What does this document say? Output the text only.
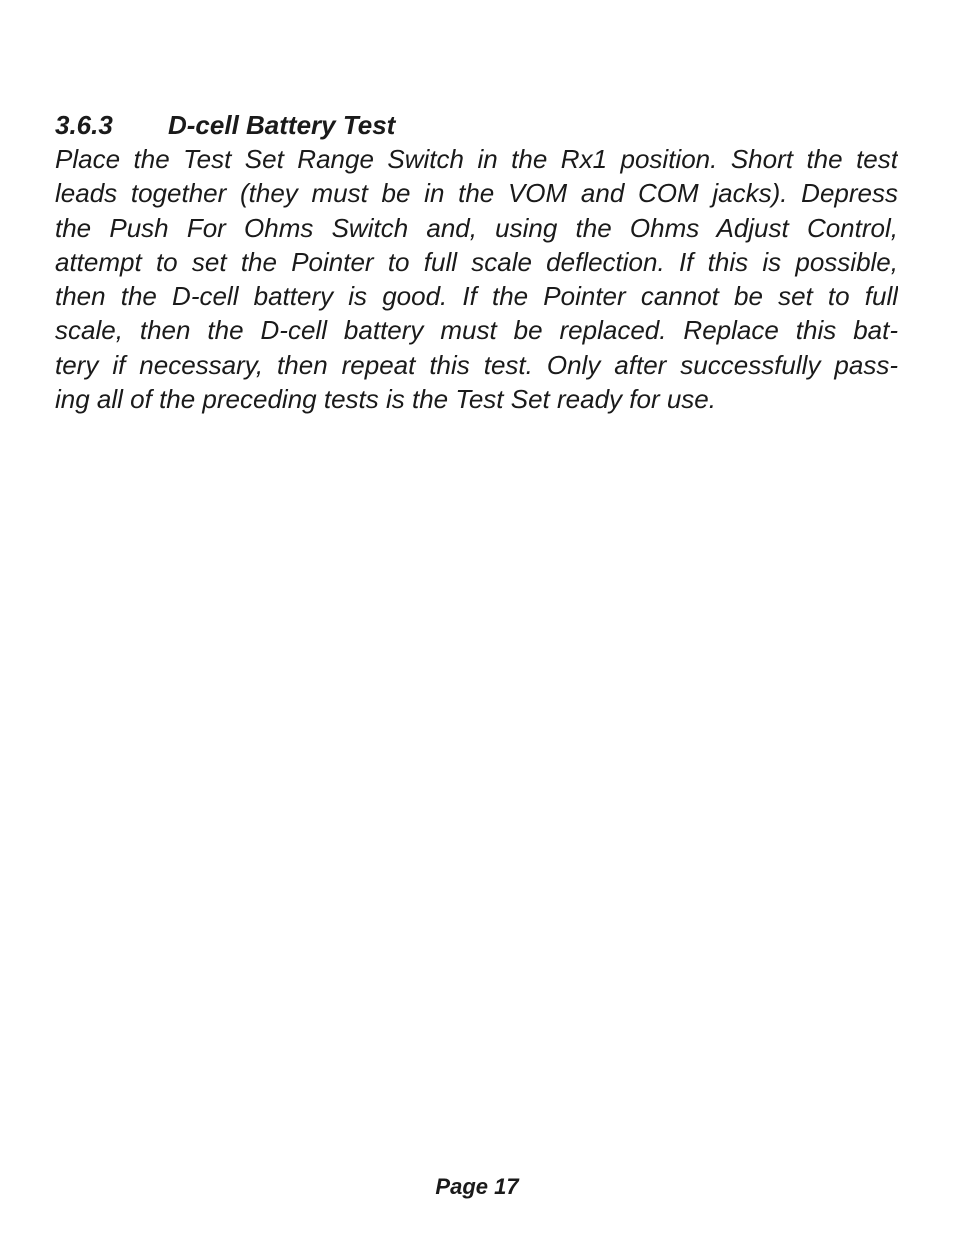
3.6.3 D-cell Battery Test

Place the Test Set Range Switch in the Rx1 position. Short the test

leads together (they must be in the VOM and COM jacks). Depress

the Push For Ohms Switch and, using the Ohms Adjust Control,

attempt to set the Pointer to full scale deflection. If this is possible,

then the D-cell battery is good. If the Pointer cannot be set to full

scale, then the D-cell battery must be replaced. Replace this bat-

tery if necessary, then repeat this test. Only after successfully pass-

ing all of the preceding tests is the Test Set ready for use.

Page 17
